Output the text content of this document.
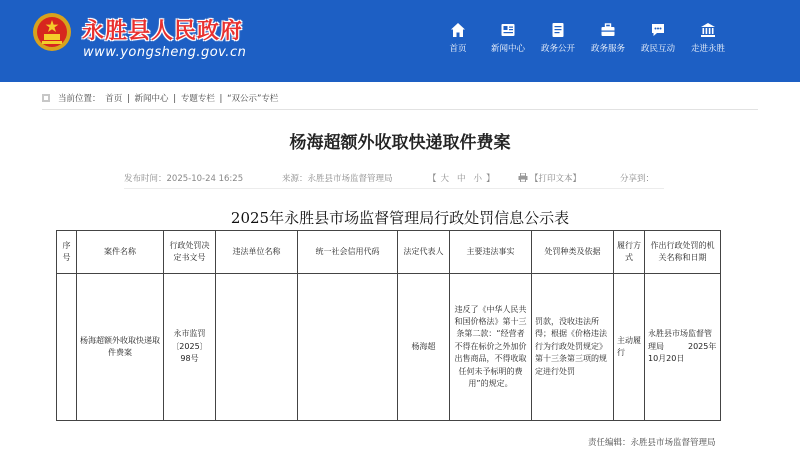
永胜县人民政府
www.yongsheng.gov.cn	首页	新闻中心	政务公开	政务服务	政民互动	走进永胜
当前位置： 首页 | 新闻中心 | 专题专栏 | “双公示”专栏
杨海超额外收取快递取件费案
发布时间：2025-10-24 16:25	来源：永胜县市场监督管理局	【 大 中 小 】	【打印文本】	分享到：
2025年永胜县市场监督管理局行政处罚信息公示表
序号	案件名称	行政处罚决定书文号	违法单位名称	统一社会信用代码	法定代表人	主要违法事实	处罚种类及依据	履行方式	作出行政处罚的机关名称和日期
	杨海超额外收取快递取件费案	永市监罚〔2025〕98号			杨海超	违反了《中华人民共和国价格法》第十三条第二款：“经营者不得在标价之外加价出售商品，不得收取任何未予标明的费用”的规定。	罚款，没收违法所得；根据《价格违法行为行政处罚规定》第十三条第三项的规定进行处罚	主动履行	永胜县市场监督管理局　　　2025年10月20日
责任编辑：永胜县市场监督管理局
